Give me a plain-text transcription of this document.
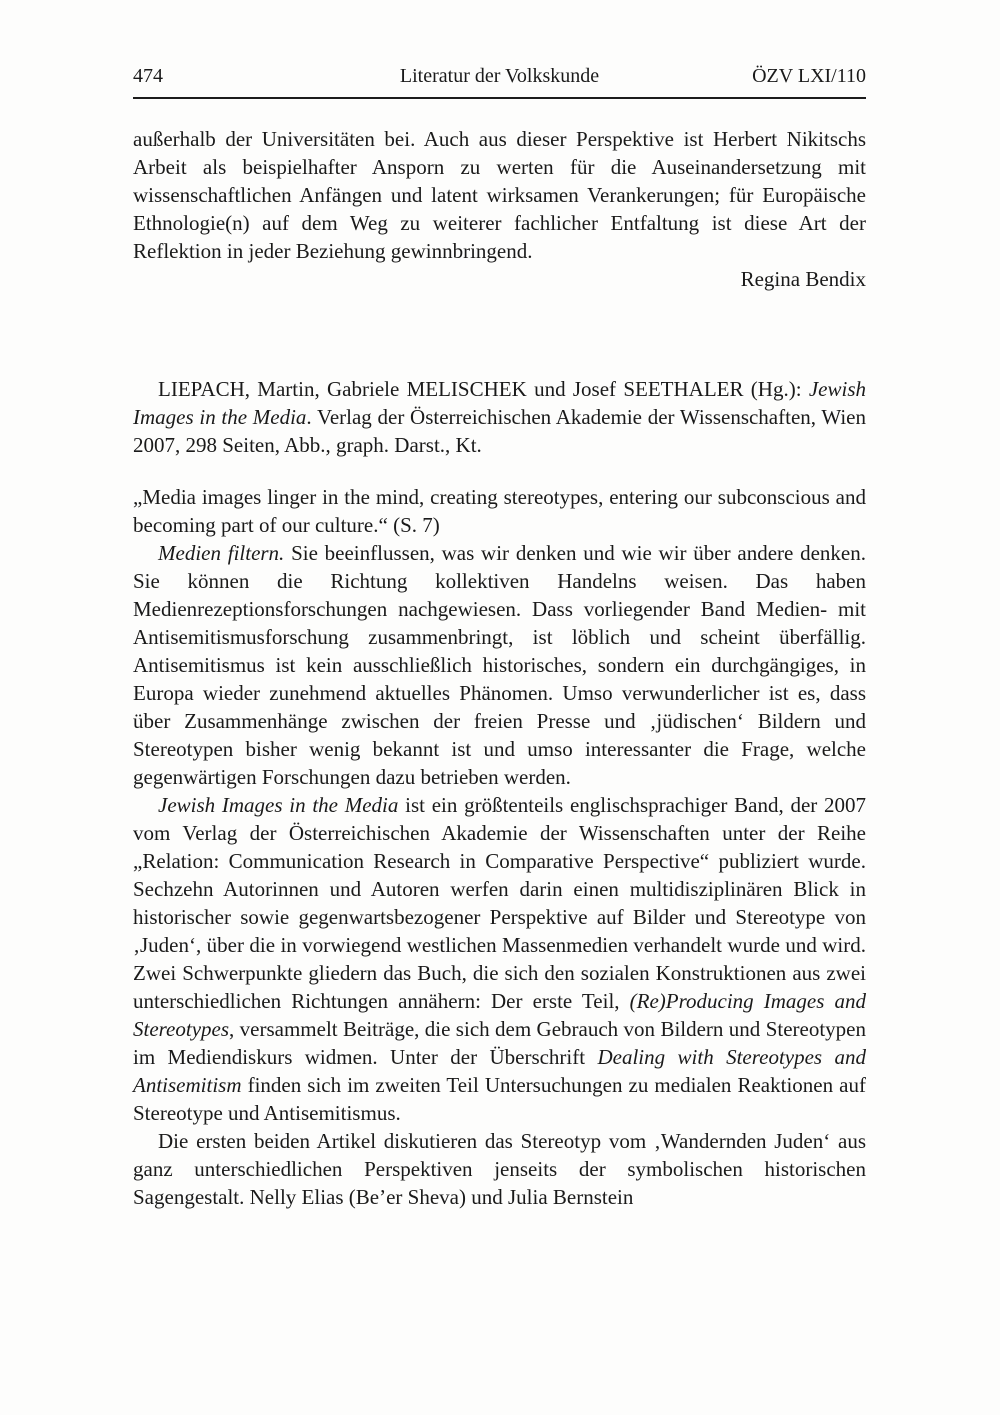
474	Literatur der Volkskunde	ÖZV LXI/110

außerhalb der Universitäten bei. Auch aus dieser Perspektive ist Herbert Nikitschs Arbeit als beispielhafter Ansporn zu werten für die Auseinandersetzung mit wissenschaftlichen Anfängen und latent wirksamen Verankerungen; für Europäische Ethnologie(n) auf dem Weg zu weiterer fachlicher Entfaltung ist diese Art der Reflektion in jeder Beziehung gewinnbringend.

Regina Bendix

LIEPACH, Martin, Gabriele MELISCHEK und Josef SEETHALER (Hg.): Jewish Images in the Media. Verlag der Österreichischen Akademie der Wissenschaften, Wien 2007, 298 Seiten, Abb., graph. Darst., Kt.

„Media images linger in the mind, creating stereotypes, entering our subconscious and becoming part of our culture.“ (S. 7)

Medien filtern. Sie beeinflussen, was wir denken und wie wir über andere denken. Sie können die Richtung kollektiven Handelns weisen. Das haben Medienrezeptionsforschungen nachgewiesen. Dass vorliegender Band Medien- mit Antisemitismusforschung zusammenbringt, ist löblich und scheint überfällig. Antisemitismus ist kein ausschließlich historisches, sondern ein durchgängiges, in Europa wieder zunehmend aktuelles Phänomen. Umso verwunderlicher ist es, dass über Zusammenhänge zwischen der freien Presse und ‚jüdischen‘ Bildern und Stereotypen bisher wenig bekannt ist und umso interessanter die Frage, welche gegenwärtigen Forschungen dazu betrieben werden.

Jewish Images in the Media ist ein größtenteils englischsprachiger Band, der 2007 vom Verlag der Österreichischen Akademie der Wissenschaften unter der Reihe „Relation: Communication Research in Comparative Perspective“ publiziert wurde. Sechzehn Autorinnen und Autoren werfen darin einen multidisziplinären Blick in historischer sowie gegenwartsbezogener Perspektive auf Bilder und Stereotype von ‚Juden‘, über die in vorwiegend westlichen Massenmedien verhandelt wurde und wird. Zwei Schwerpunkte gliedern das Buch, die sich den sozialen Konstruktionen aus zwei unterschiedlichen Richtungen annähern: Der erste Teil, (Re)Producing Images and Stereotypes, versammelt Beiträge, die sich dem Gebrauch von Bildern und Stereotypen im Mediendiskurs widmen. Unter der Überschrift Dealing with Stereotypes and Antisemitism finden sich im zweiten Teil Untersuchungen zu medialen Reaktionen auf Stereotype und Antisemitismus.

Die ersten beiden Artikel diskutieren das Stereotyp vom ‚Wandernden Juden‘ aus ganz unterschiedlichen Perspektiven jenseits der symbolischen historischen Sagengestalt. Nelly Elias (Be’er Sheva) und Julia Bernstein
